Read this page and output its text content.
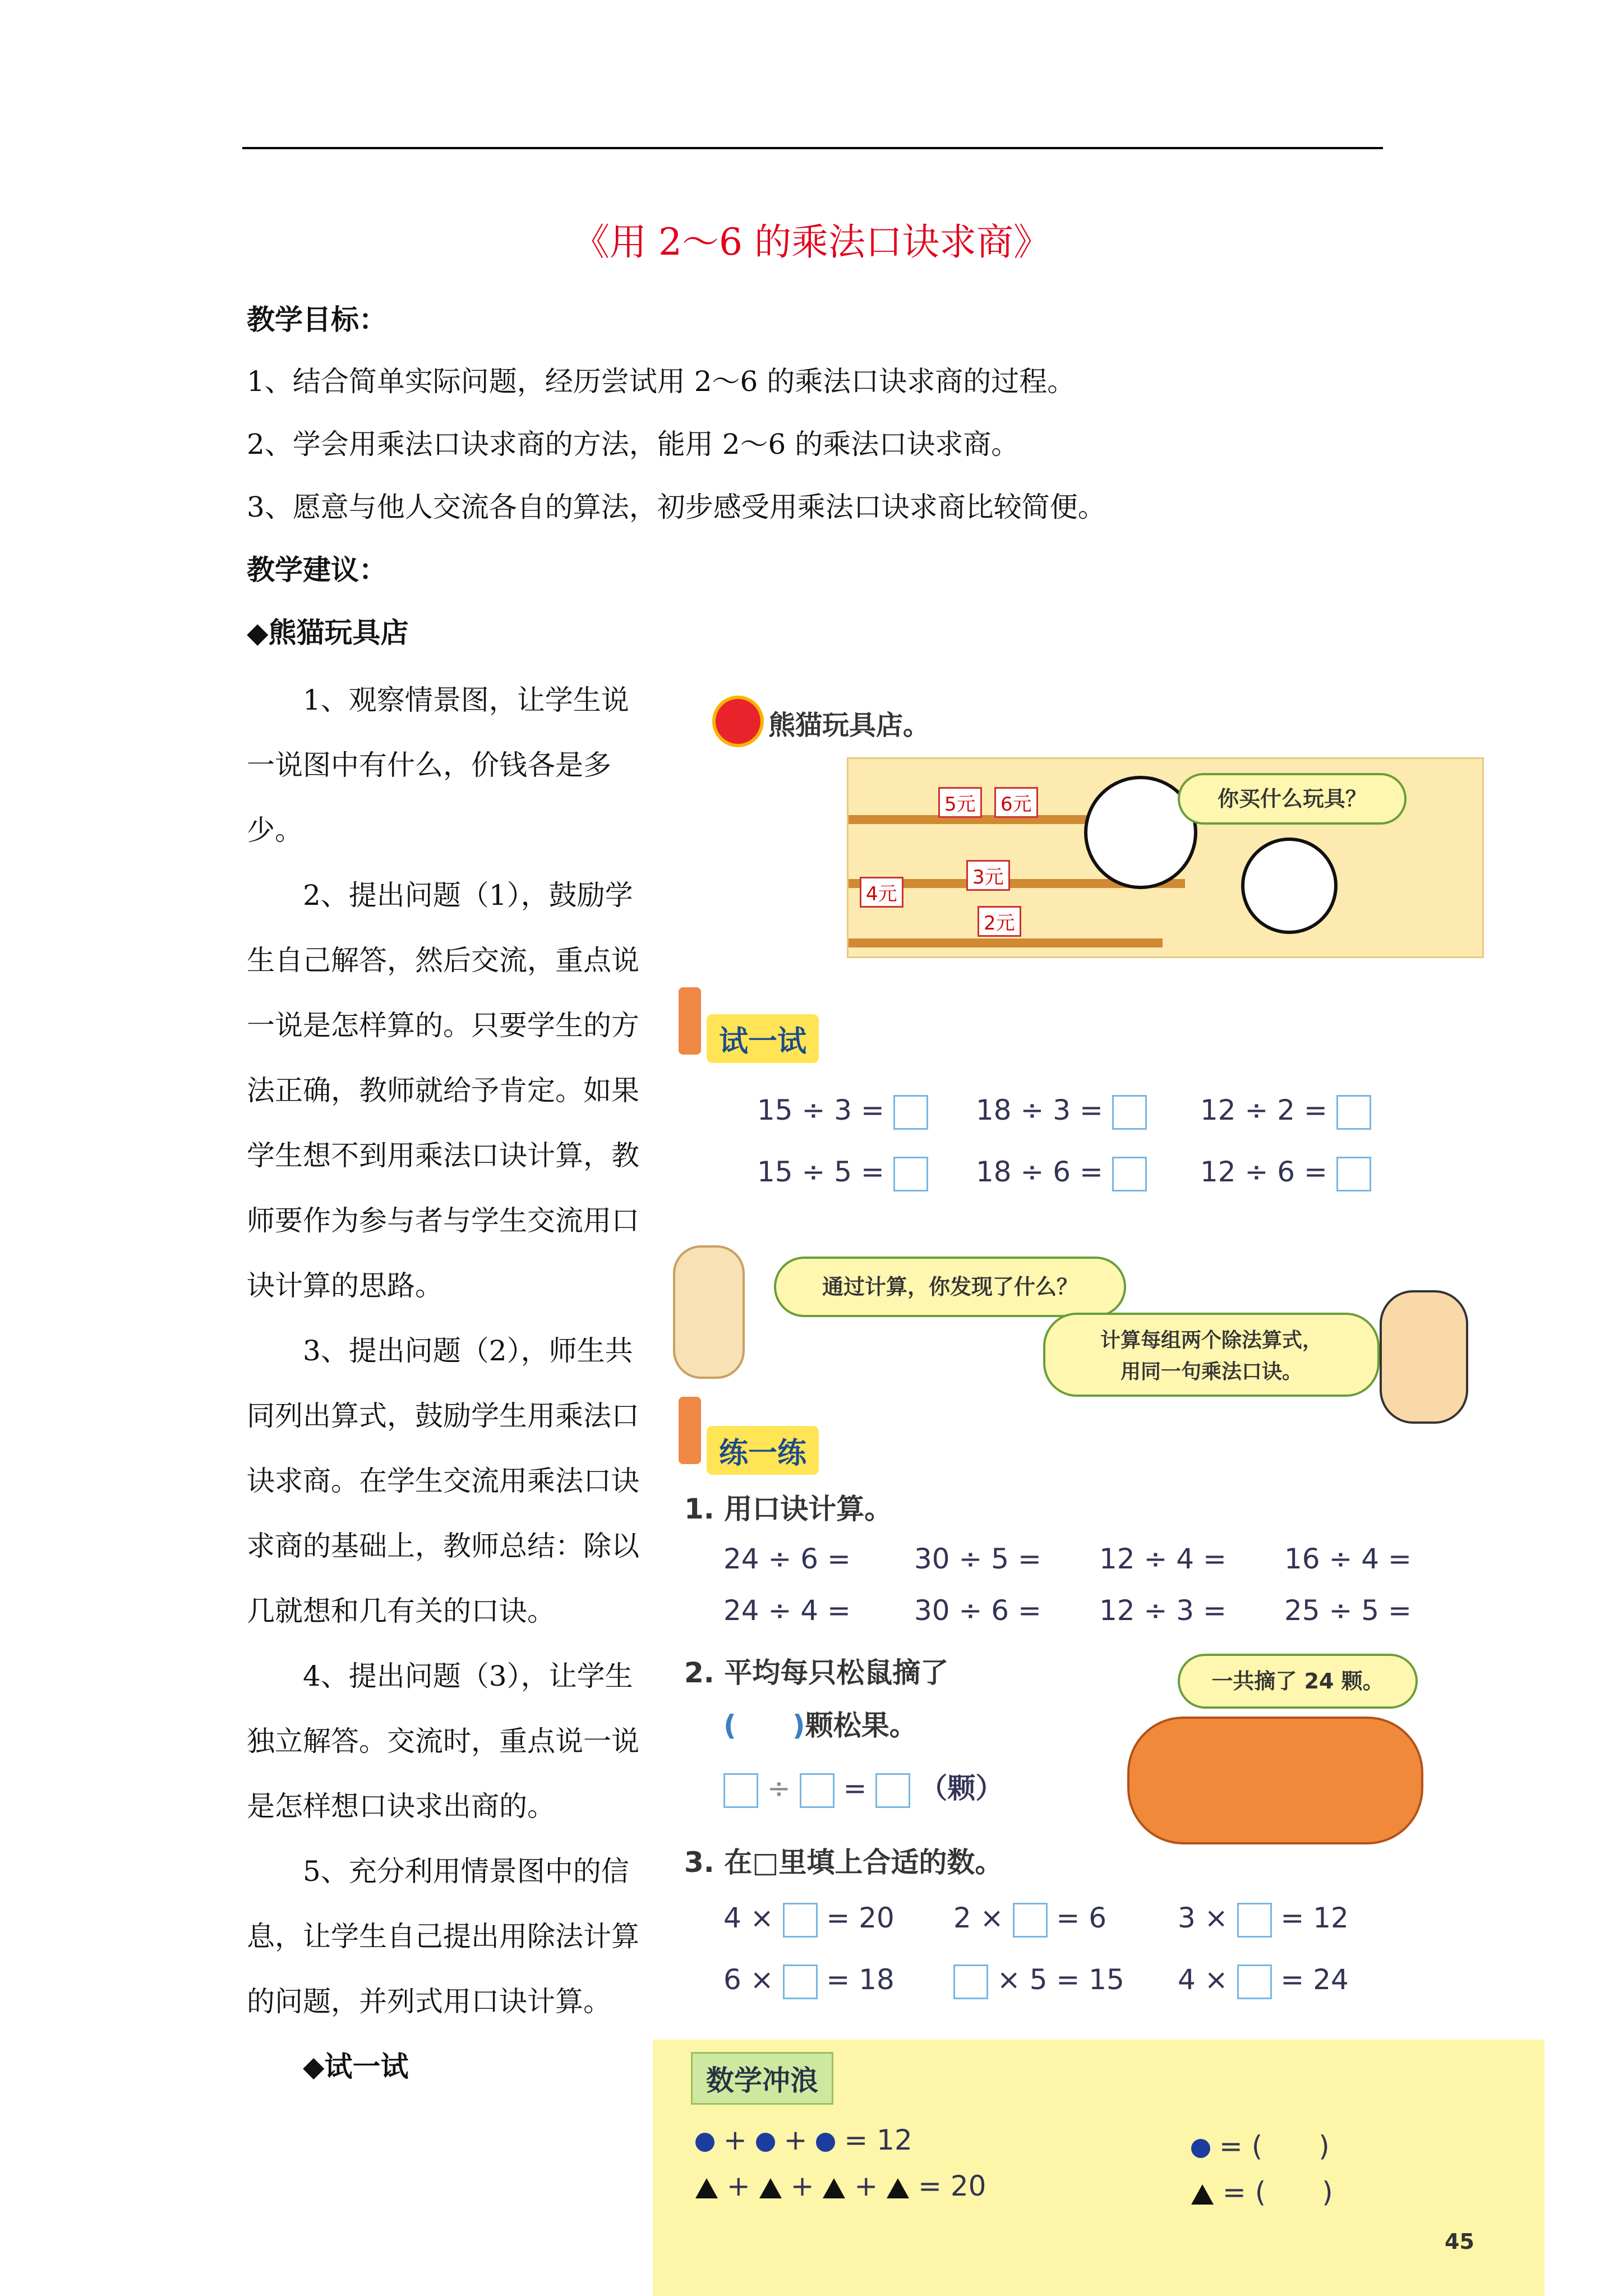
《用 2～6 的乘法口诀求商》
教学目标：
1、结合简单实际问题，经历尝试用 2～6 的乘法口诀求商的过程。
2、学会用乘法口诀求商的方法，能用 2～6 的乘法口诀求商。
3、愿意与他人交流各自的算法，初步感受用乘法口诀求商比较简便。
教学建议：
◆熊猫玩具店

1、观察情景图，让学生说一说图中有什么，价钱各是多少。

2、提出问题（1），鼓励学生自己解答，然后交流，重点说一说是怎样算的。只要学生的方法正确，教师就给予肯定。如果学生想不到用乘法口诀计算，教师要作为参与者与学生交流用口诀计算的思路。

3、提出问题（2），师生共同列出算式，鼓励学生用乘法口诀求商。在学生交流用乘法口诀求商的基础上，教师总结：除以几就想和几有关的口诀。

4、提出问题（3），让学生独立解答。交流时，重点说一说是怎样想口诀求出商的。

5、充分利用情景图中的信息，让学生自己提出用除法计算的问题，并列式用口诀计算。

◆试一试

熊猫玩具店。
5元	6元
4元
3元
2元
你买什么玩具？
试一试
15 ÷ 3 =	18 ÷ 3 =	12 ÷ 2 =
15 ÷ 5 =	18 ÷ 6 =	12 ÷ 6 =
通过计算，你发现了什么？
计算每组两个除法算式，
用同一句乘法口诀。
练一练
1. 用口诀计算。
24 ÷ 6 = 30 ÷ 5 = 12 ÷ 4 = 16 ÷ 4 =
24 ÷ 4 = 30 ÷ 6 = 12 ÷ 3 = 25 ÷ 5 =
2. 平均每只松鼠摘了
(　　)颗松果。
÷ = （颗）
一共摘了 24 颗。
3. 在□里填上合适的数。
4 × = 20 2 × = 6	3 × = 12
6 × = 18	× 5 = 15 4 × = 24
数学冲浪
+ + = 12
+ + + = 20
= (　　)
= (　　)
45
